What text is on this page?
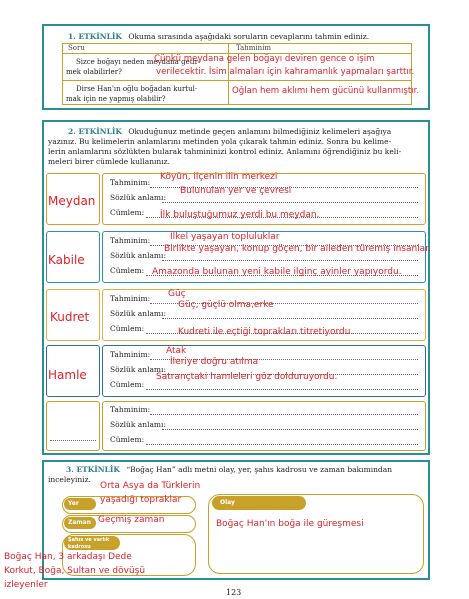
1. ETKİNLİK Okuma sırasında aşağıdaki soruların cevaplarını tahmin ediniz.
Soru	Tahminim
Sizce boğayı neden meydana getir-
mek olabilirler?
Dirse Han'ın oğlu boğadan kurtul-
mak için ne yapmış olabilir?
Çünkü meydana gelen boğayı deviren gence o işim
verilecektir. İsim almaları için kahramanlık yapmaları şarttır.
Oğlan hem aklımı hem gücünü kullanmıştır.
2. ETKİNLİK Okuduğunuz metinde geçen anlamını bilmediğiniz kelimeleri aşağıya
yazınız. Bu kelimelerin anlamlarını metinden yola çıkarak tahmin ediniz. Sonra bu kelime-
lerin anlamlarını sözlükten bularak tahmininizi kontrol ediniz. Anlamını öğrendiğiniz bu keli-
meleri birer cümlede kullanınız.
Meydan
Tahminim:
Sözlük anlamı:
Cümlem:
Köyün, ilçenin ilin merkezi
Bulunulan yer ve çevresi
İlk buluştuğumuz yerdi bu meydan.
Kabile
Tahminim:
Sözlük anlamı:
Cümlem:
İlkel yaşayan topluluklar
Birlikte yaşayan, konup göçen, bir aileden türemiş insanlar.
Amazonda bulunan yeni kabile ilginç ayinler yapıyordu.
Kudret
Tahminim:
Sözlük anlamı:
Cümlem:
Güç
Güç, güçlü olma,erke
Kudreti ile eçtiği toprakları titretiyordu.
Hamle
Tahminim:
Sözlük anlamı:
Cümlem:
Atak
İleriye doğru atılma
Satrançtaki hamleleri göz dolduruyordu.
Tahminim:
Sözlük anlamı:
Cümlem:
3. ETKİNLİK “Boğaç Han” adlı metni olay, yer, şahıs kadrosu ve zaman bakımından
inceleyiniz.
Yer
Orta Asya da Türklerin
yaşadığı topraklar
Zaman Geçmiş zaman
Şahıs ve varlık
kadrosu
Boğaç Han, 3 arkadaşı Dede
Korkut, Boğa, Sultan ve dövüşü
izleyenler
Olay
Boğaç Han'ın boğa ile güreşmesi
123
